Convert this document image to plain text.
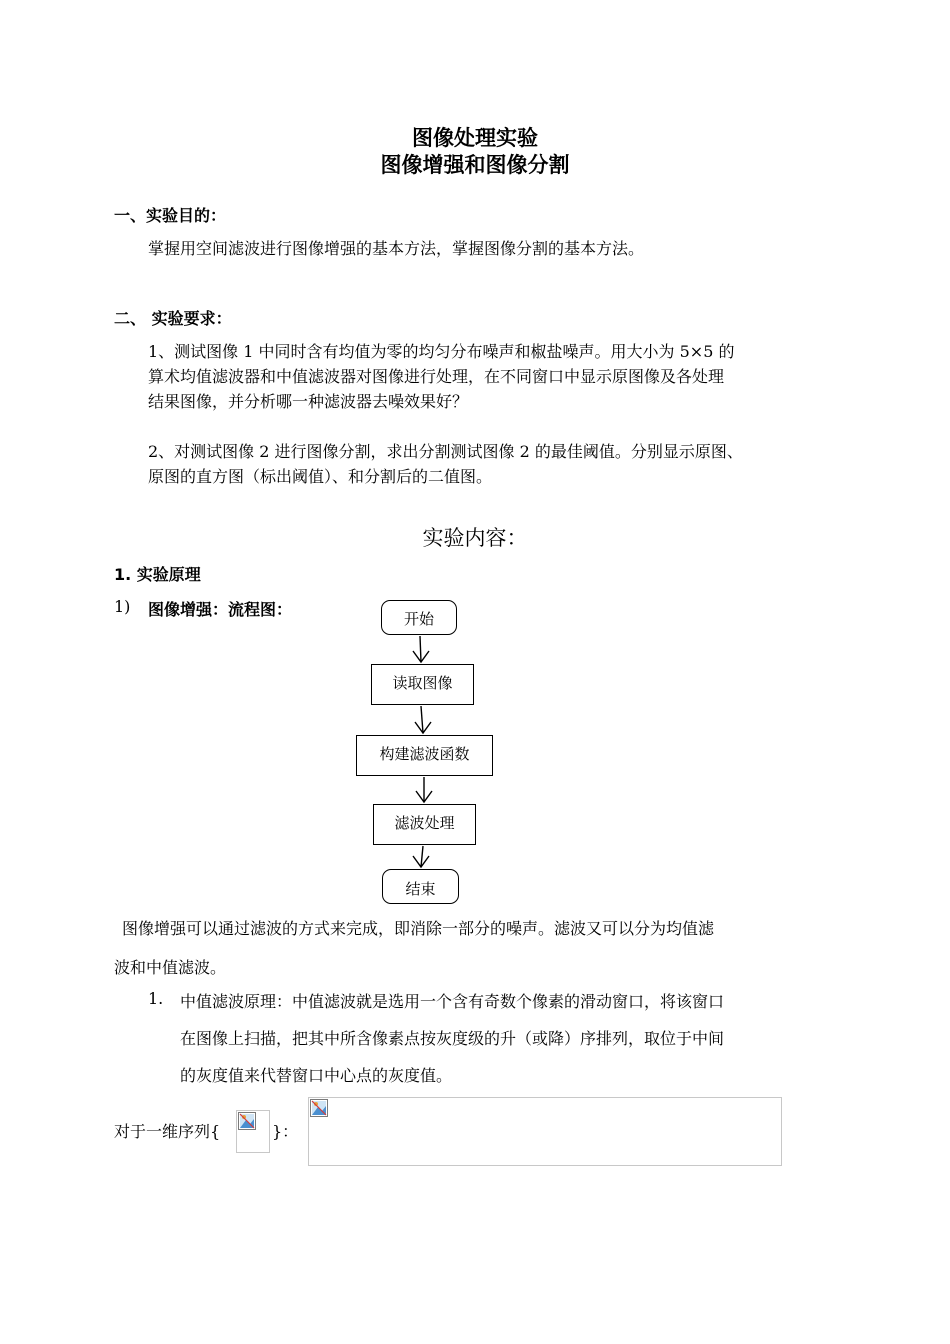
图像处理实验
图像增强和图像分割
一、实验目的：
掌握用空间滤波进行图像增强的基本方法，掌握图像分割的基本方法。
二、 实验要求：
1、测试图像 1 中同时含有均值为零的均匀分布噪声和椒盐噪声。用大小为 5×5 的
算术均值滤波器和中值滤波器对图像进行处理，在不同窗口中显示原图像及各处理
结果图像，并分析哪一种滤波器去噪效果好？
2、对测试图像 2 进行图像分割，求出分割测试图像 2 的最佳阈值。分别显示原图、
原图的直方图（标出阈值）、和分割后的二值图。
实验内容：
1. 实验原理
1) 图像增强：流程图：	开始
读取图像
构建滤波函数
滤波处理
结束
图像增强可以通过滤波的方式来完成，即消除一部分的噪声。滤波又可以分为均值滤
波和中值滤波。
1. 中值滤波原理：中值滤波就是选用一个含有奇数个像素的滑动窗口，将该窗口
在图像上扫描，把其中所含像素点按灰度级的升（或降）序排列，取位于中间
的灰度值来代替窗口中心点的灰度值。
对于一维序列{	}：
